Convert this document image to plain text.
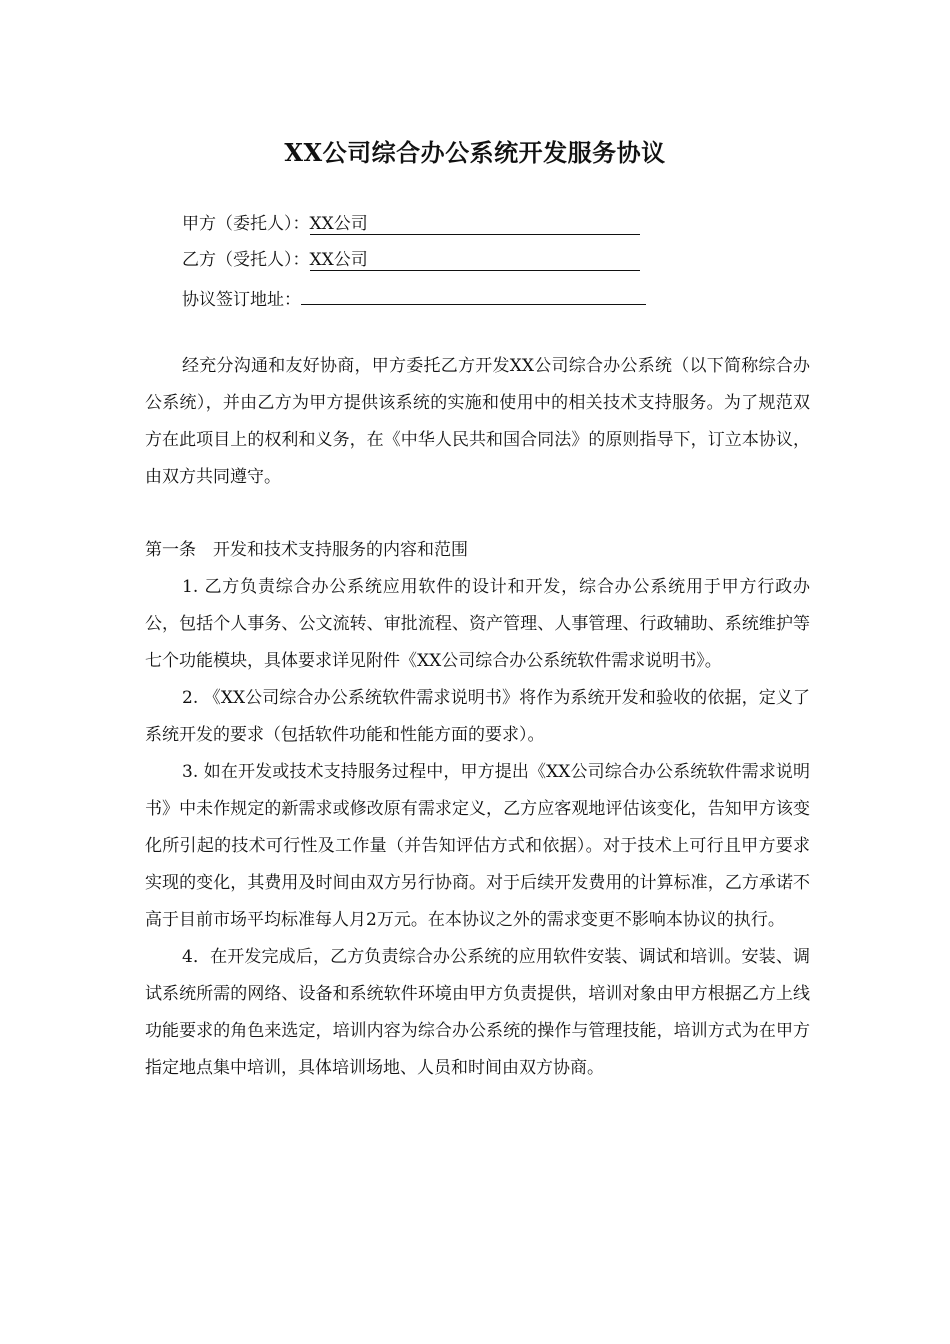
XX公司综合办公系统开发服务协议
甲方（委托人）：XX公司
乙方（受托人）：XX公司
协议签订地址：

经充分沟通和友好协商，甲方委托乙方开发XX公司综合办公系统（以下简称综合办公系统），并由乙方为甲方提供该系统的实施和使用中的相关技术支持服务。为了规范双方在此项目上的权利和义务，在《中华人民共和国合同法》的原则指导下，订立本协议，由双方共同遵守。

第一条　开发和技术支持服务的内容和范围

1. 乙方负责综合办公系统应用软件的设计和开发，综合办公系统用于甲方行政办公，包括个人事务、公文流转、审批流程、资产管理、人事管理、行政辅助、系统维护等七个功能模块，具体要求详见附件《XX公司综合办公系统软件需求说明书》。

2. 《XX公司综合办公系统软件需求说明书》将作为系统开发和验收的依据，定义了系统开发的要求（包括软件功能和性能方面的要求）。

3. 如在开发或技术支持服务过程中，甲方提出《XX公司综合办公系统软件需求说明书》中未作规定的新需求或修改原有需求定义，乙方应客观地评估该变化，告知甲方该变化所引起的技术可行性及工作量（并告知评估方式和依据）。对于技术上可行且甲方要求实现的变化，其费用及时间由双方另行协商。对于后续开发费用的计算标准，乙方承诺不高于目前市场平均标准每人月2万元。在本协议之外的需求变更不影响本协议的执行。

4．在开发完成后，乙方负责综合办公系统的应用软件安装、调试和培训。安装、调试系统所需的网络、设备和系统软件环境由甲方负责提供，培训对象由甲方根据乙方上线功能要求的角色来选定，培训内容为综合办公系统的操作与管理技能，培训方式为在甲方指定地点集中培训，具体培训场地、人员和时间由双方协商。
